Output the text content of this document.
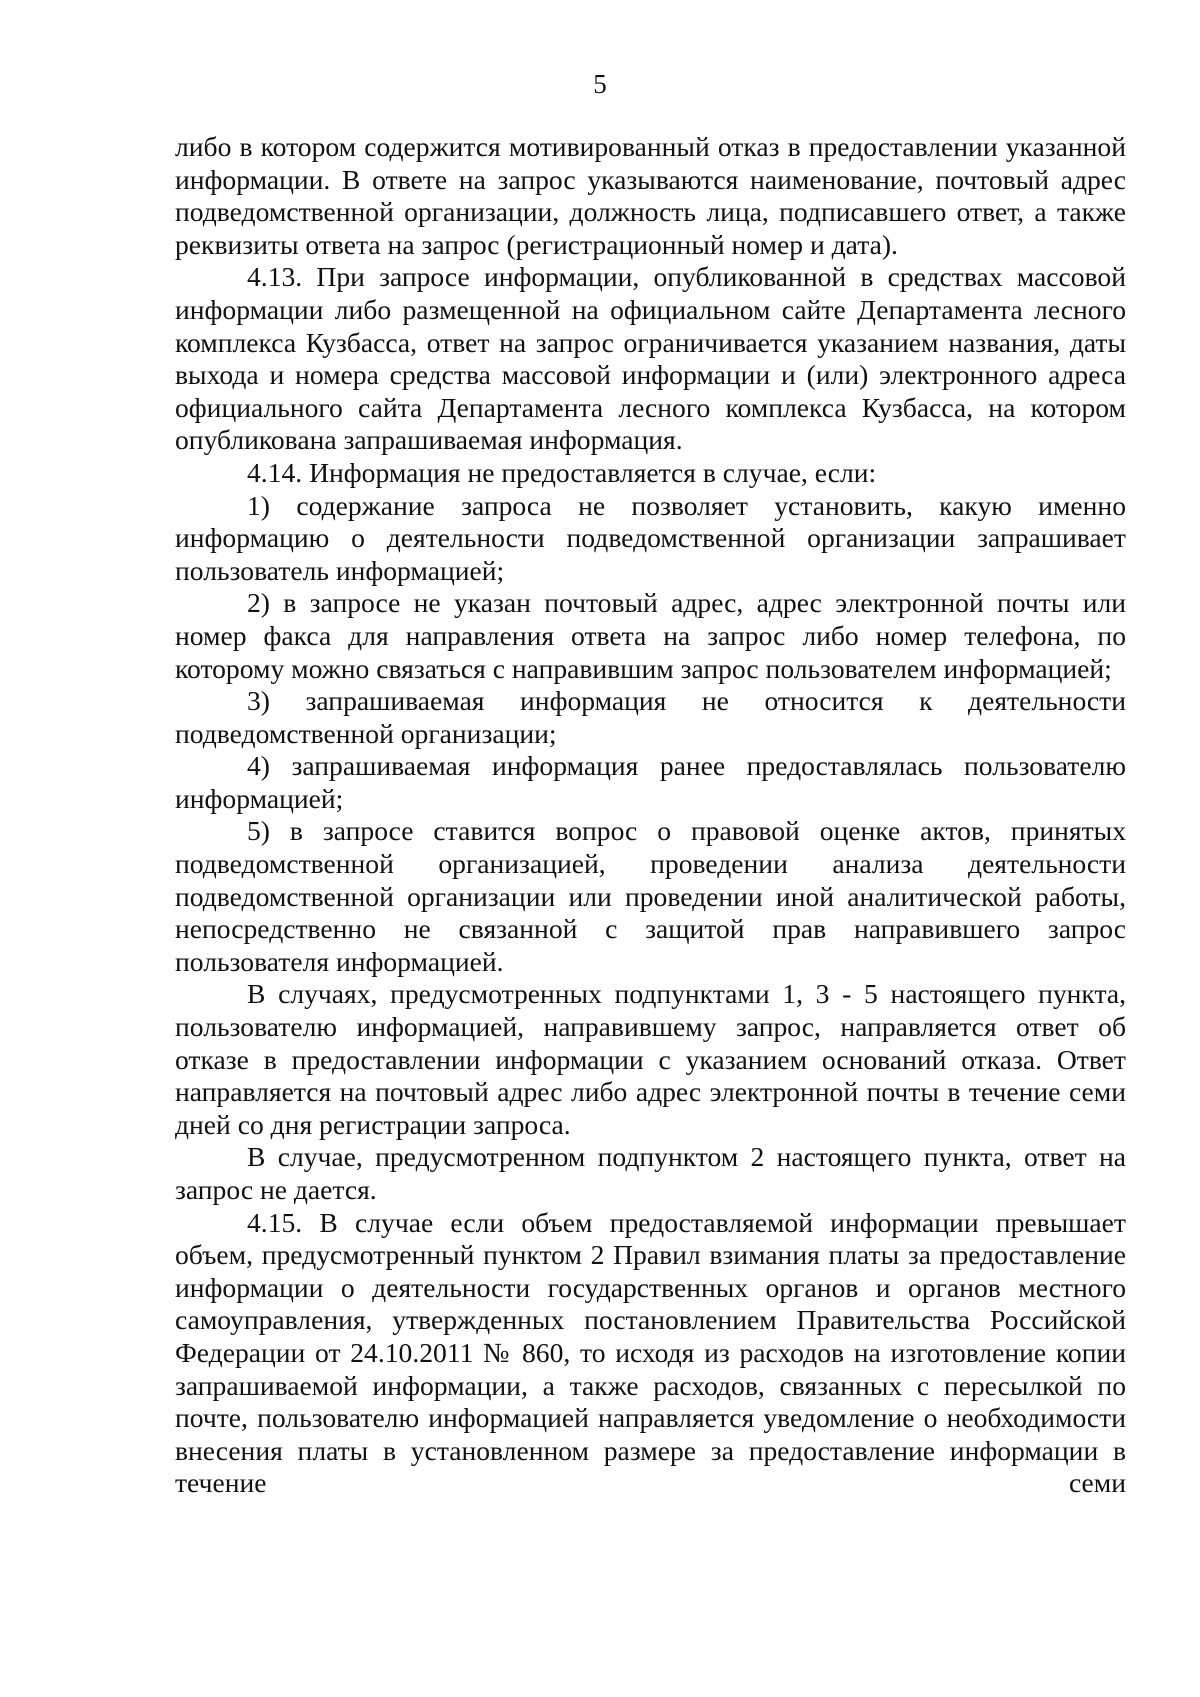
5

либо в котором содержится мотивированный отказ в предоставлении указанной информации. В ответе на запрос указываются наименование, почтовый адрес подведомственной организации, должность лица, подписавшего ответ, а также реквизиты ответа на запрос (регистрационный номер и дата).

4.13. При запросе информации, опубликованной в средствах массовой информации либо размещенной на официальном сайте Департамента лесного комплекса Кузбасса, ответ на запрос ограничивается указанием названия, даты выхода и номера средства массовой информации и (или) электронного адреса официального сайта Департамента лесного комплекса Кузбасса, на котором опубликована запрашиваемая информация.

4.14. Информация не предоставляется в случае, если:

1) содержание запроса не позволяет установить, какую именно информацию о деятельности подведомственной организации запрашивает пользователь информацией;

2) в запросе не указан почтовый адрес, адрес электронной почты или номер факса для направления ответа на запрос либо номер телефона, по которому можно связаться с направившим запрос пользователем информацией;

3) запрашиваемая информация не относится к деятельности подведомственной организации;

4) запрашиваемая информация ранее предоставлялась пользователю информацией;

5) в запросе ставится вопрос о правовой оценке актов, принятых подведомственной организацией, проведении анализа деятельности подведомственной организации или проведении иной аналитической работы, непосредственно не связанной с защитой прав направившего запрос пользователя информацией.

В случаях, предусмотренных подпунктами 1, 3 - 5 настоящего пункта, пользователю информацией, направившему запрос, направляется ответ об отказе в предоставлении информации с указанием оснований отказа. Ответ направляется на почтовый адрес либо адрес электронной почты в течение семи дней со дня регистрации запроса.

В случае, предусмотренном подпунктом 2 настоящего пункта, ответ на запрос не дается.

4.15. В случае если объем предоставляемой информации превышает объем, предусмотренный пунктом 2 Правил взимания платы за предоставление информации о деятельности государственных органов и органов местного самоуправления, утвержденных постановлением Правительства Российской Федерации от 24.10.2011 № 860, то исходя из расходов на изготовление копии запрашиваемой информации, а также расходов, связанных с пересылкой по почте, пользователю информацией направляется уведомление о необходимости внесения платы в установленном размере за предоставление информации в течение семи
